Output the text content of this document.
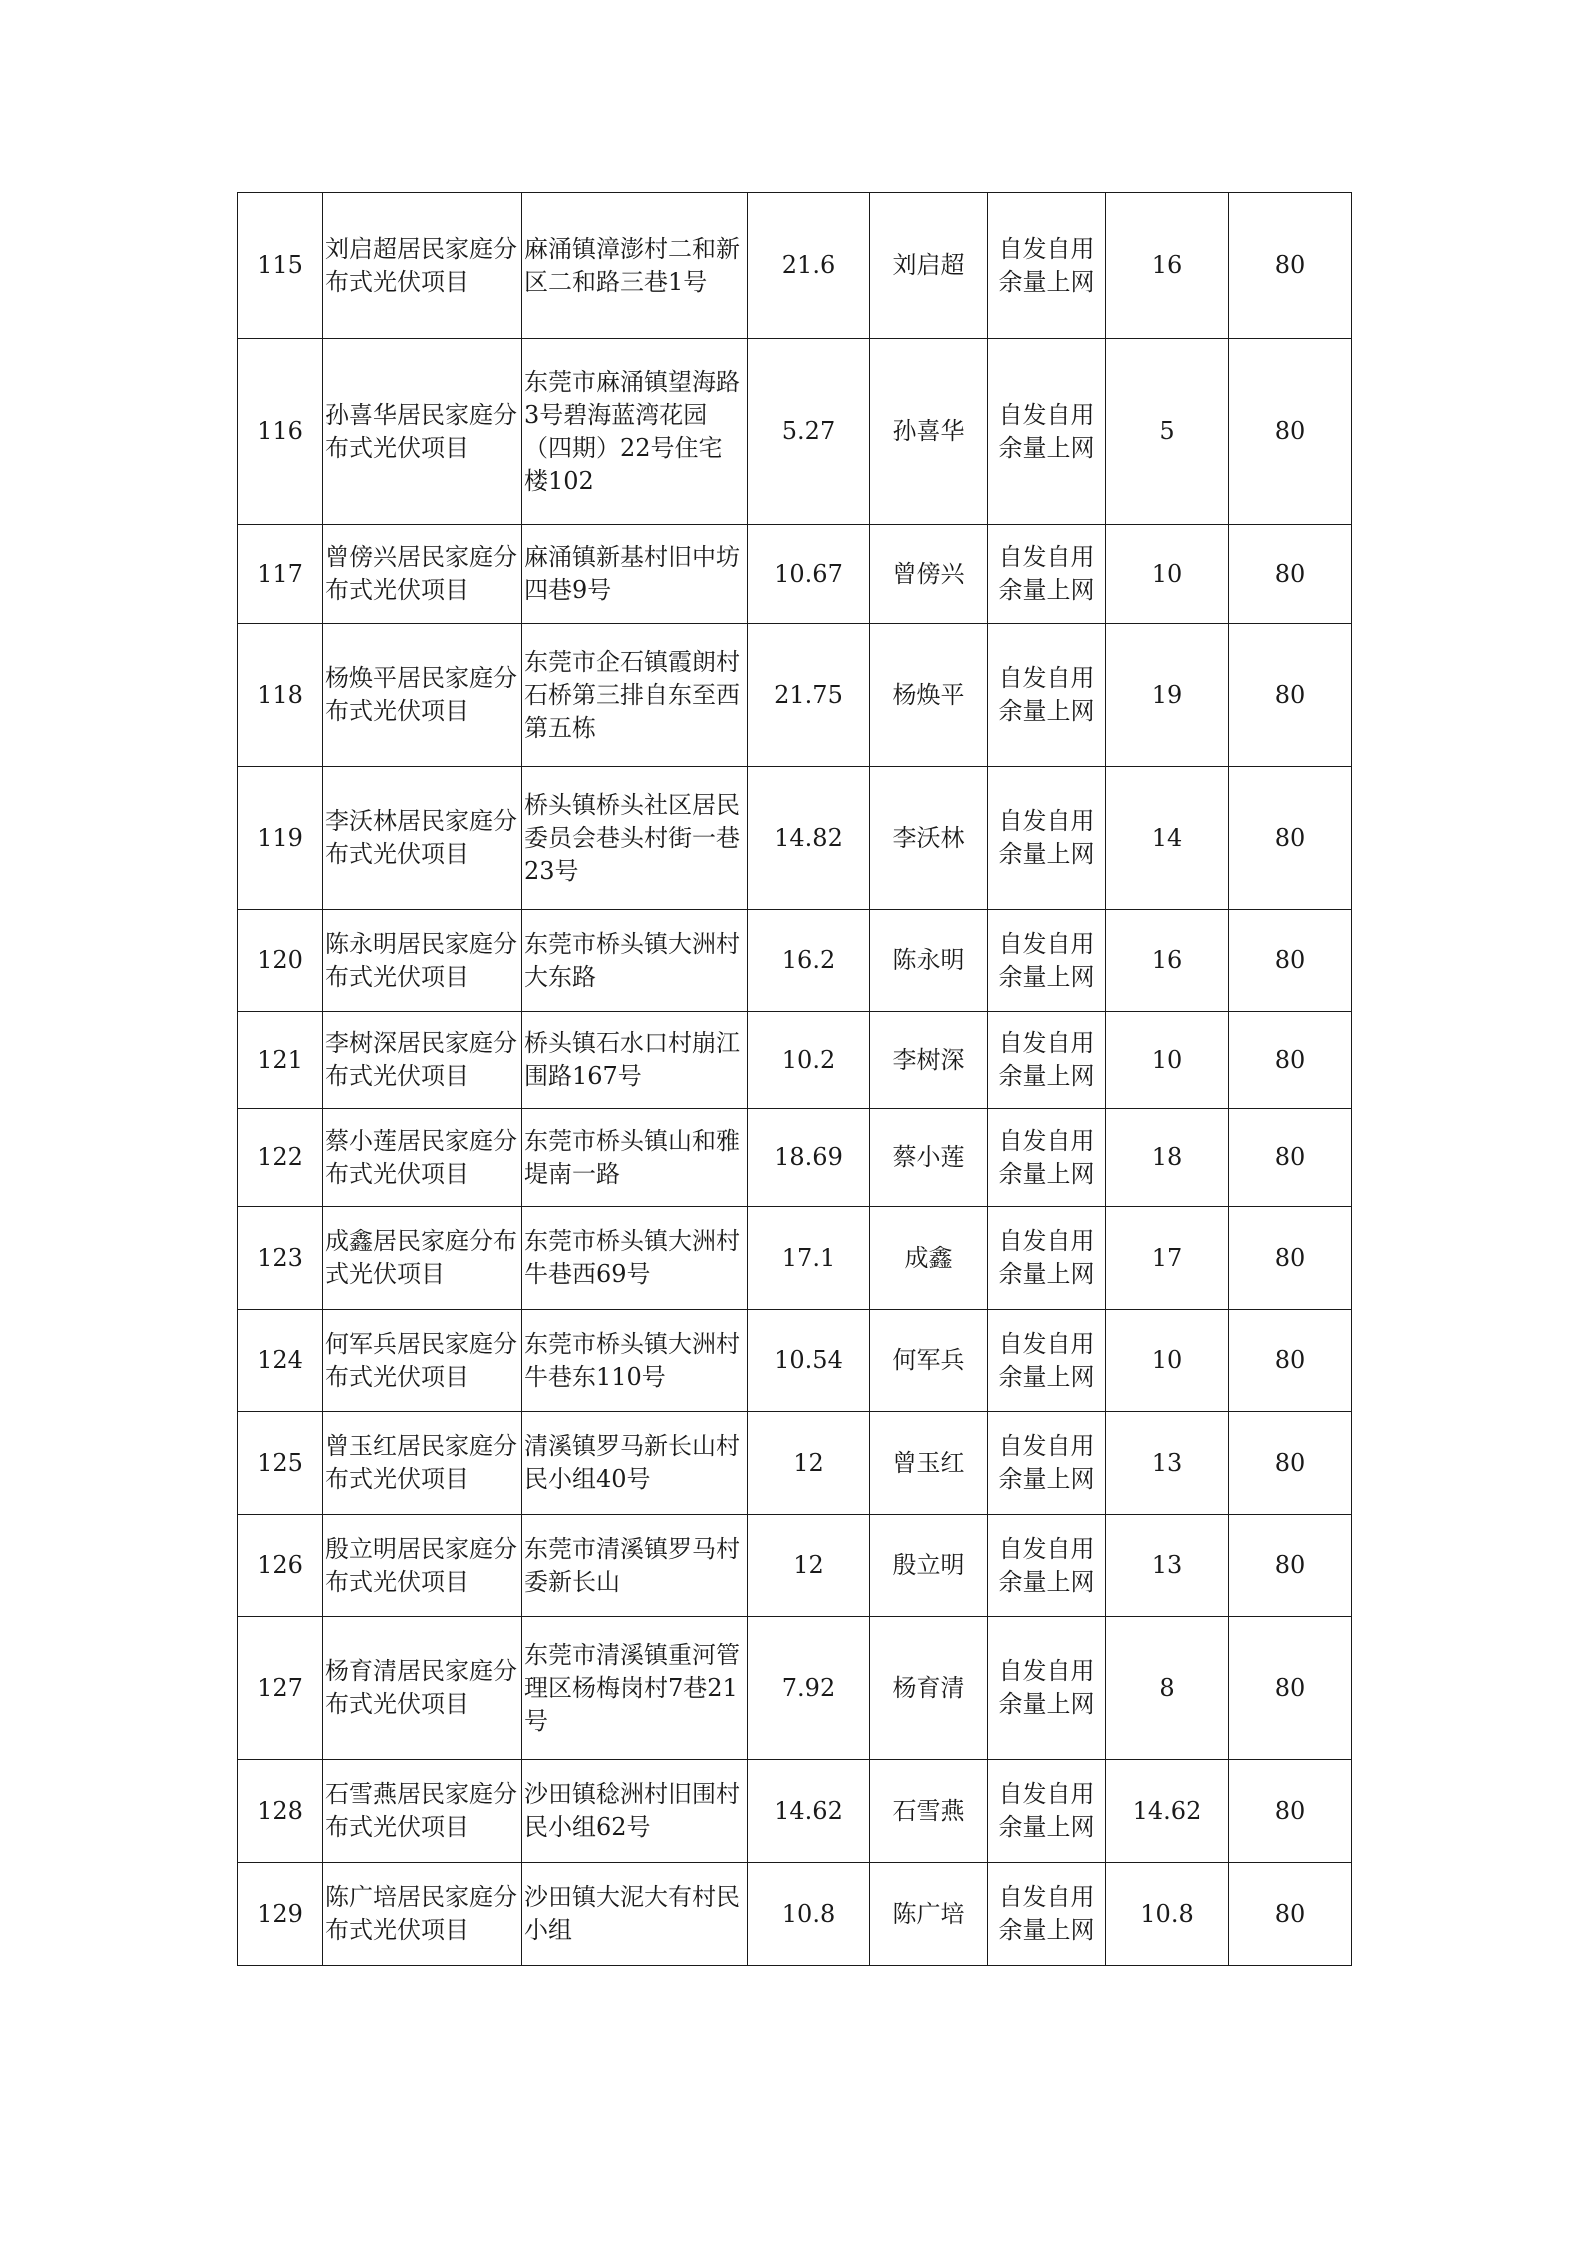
115	刘启超居民家庭分布式光伏项目	麻涌镇漳澎村二和新区二和路三巷1号	21.6	刘启超	自发自用余量上网	16	80
116	孙喜华居民家庭分布式光伏项目	东莞市麻涌镇望海路3号碧海蓝湾花园（四期）22号住宅楼102	5.27	孙喜华	自发自用余量上网	5	80
117	曾傍兴居民家庭分布式光伏项目	麻涌镇新基村旧中坊四巷9号	10.67	曾傍兴	自发自用余量上网	10	80
118	杨焕平居民家庭分布式光伏项目	东莞市企石镇霞朗村石桥第三排自东至西第五栋	21.75	杨焕平	自发自用余量上网	19	80
119	李沃林居民家庭分布式光伏项目	桥头镇桥头社区居民委员会巷头村街一巷23号	14.82	李沃林	自发自用余量上网	14	80
120	陈永明居民家庭分布式光伏项目	东莞市桥头镇大洲村大东路	16.2	陈永明	自发自用余量上网	16	80
121	李树深居民家庭分布式光伏项目	桥头镇石水口村崩江围路167号	10.2	李树深	自发自用余量上网	10	80
122	蔡小莲居民家庭分布式光伏项目	东莞市桥头镇山和雅堤南一路	18.69	蔡小莲	自发自用余量上网	18	80
123	成鑫居民家庭分布式光伏项目	东莞市桥头镇大洲村牛巷西69号	17.1	成鑫	自发自用余量上网	17	80
124	何军兵居民家庭分布式光伏项目	东莞市桥头镇大洲村牛巷东110号	10.54	何军兵	自发自用余量上网	10	80
125	曾玉红居民家庭分布式光伏项目	清溪镇罗马新长山村民小组40号	12	曾玉红	自发自用余量上网	13	80
126	殷立明居民家庭分布式光伏项目	东莞市清溪镇罗马村委新长山	12	殷立明	自发自用余量上网	13	80
127	杨育清居民家庭分布式光伏项目	东莞市清溪镇重河管理区杨梅岗村7巷21号	7.92	杨育清	自发自用余量上网	8	80
128	石雪燕居民家庭分布式光伏项目	沙田镇稔洲村旧围村民小组62号	14.62	石雪燕	自发自用余量上网	14.62	80
129	陈广培居民家庭分布式光伏项目	沙田镇大泥大有村民小组	10.8	陈广培	自发自用余量上网	10.8	80
